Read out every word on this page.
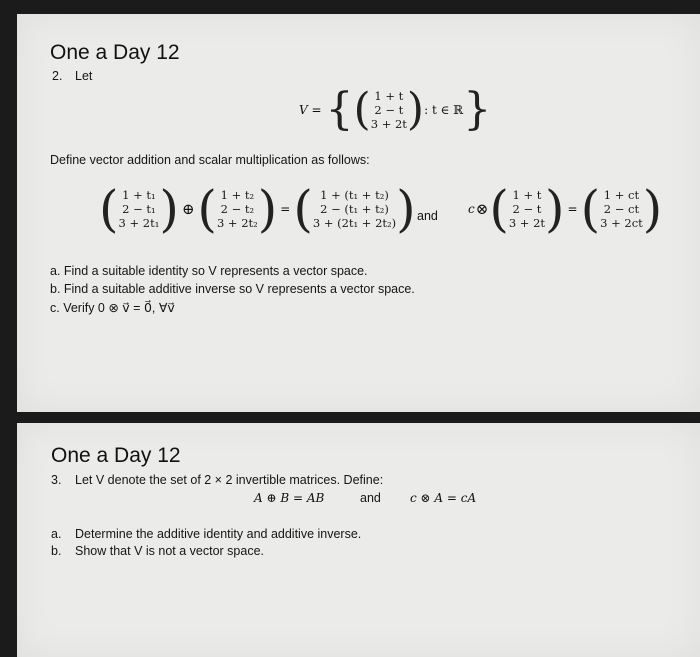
One a Day 12
2. Let
V = { ( 1 + t
2 − t
3 + 2t ) : t ∈ ℝ }
Define vector addition and scalar multiplication as follows:
( 1 + t₁
2 − t₁
3 + 2t₁ ) ⊕ ( 1 + t₂
2 − t₂
3 + 2t₂ ) = ( 1 + (t₁ + t₂)
2 − (t₁ + t₂)
3 + (2t₁ + 2t₂) ) and	c ⊗ ( 1 + t
2 − t
3 + 2t ) = ( 1 + ct
2 − ct
3 + 2ct )
a. Find a suitable identity so V represents a vector space.
b. Find a suitable additive inverse so V represents a vector space.
c. Verify 0 ⊗ v⃗ = 0⃗, ∀v⃗
One a Day 12
3. Let V denote the set of 2 × 2 invertible matrices. Define:
A ⊕ B = AB	and c ⊗ A = cA
a. Determine the additive identity and additive inverse.
b. Show that V is not a vector space.
